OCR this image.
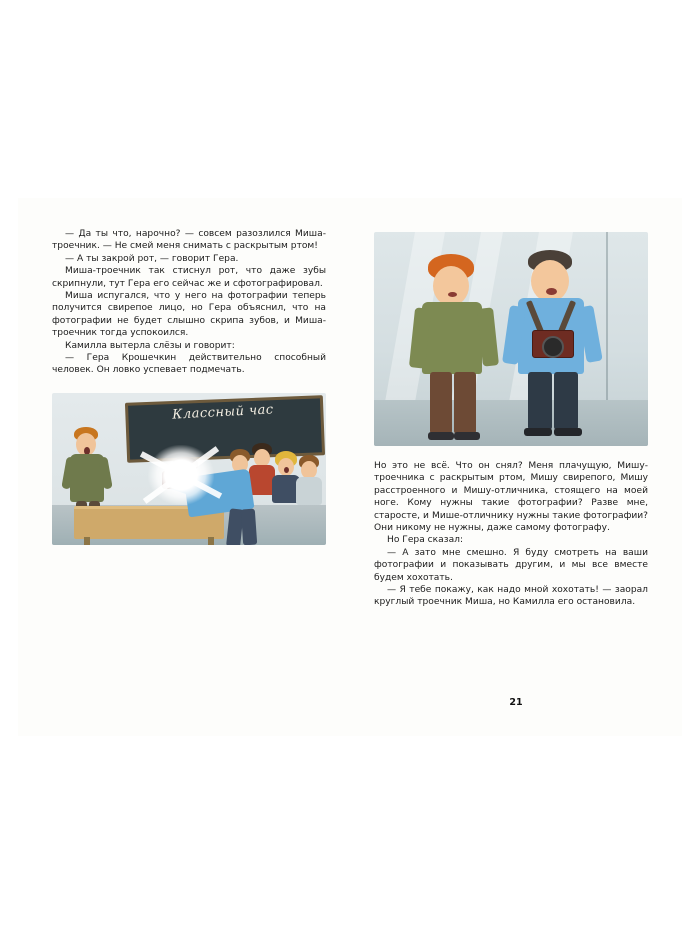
— Да ты что, нарочно? — совсем разозлился Миша-троечник. — Не смей меня снимать с раскрытым ртом!

— А ты закрой рот, — говорит Гера.

Миша-троечник так стиснул рот, что даже зубы скрипнули, тут Гера его сейчас же и сфотографировал.

Миша испугался, что у него на фотографии теперь получится свирепое лицо, но Гера объяснил, что на фотографии не будет слышно скрипа зубов, и Миша-троечник тогда успокоился.

Камилла вытерла слёзы и говорит:

— Гера Крошечкин действительно способный человек. Он ловко успевает подмечать.

Классный час

Но это не всё. Что он снял? Меня плачущую, Мишу-троечника с раскрытым ртом, Мишу свирепого, Мишу расстроенного и Мишу-отличника, стоящего на моей ноге. Кому нужны такие фотографии? Разве мне, старосте, и Мише-отличнику нужны такие фотографии? Они никому не нужны, даже самому фотографу.

Но Гера сказал:

— А зато мне смешно. Я буду смотреть на ваши фотографии и показывать другим, и мы все вместе будем хохотать.

— Я тебе покажу, как надо мной хохотать! — заорал круглый троечник Миша, но Камилла его остановила.

21
